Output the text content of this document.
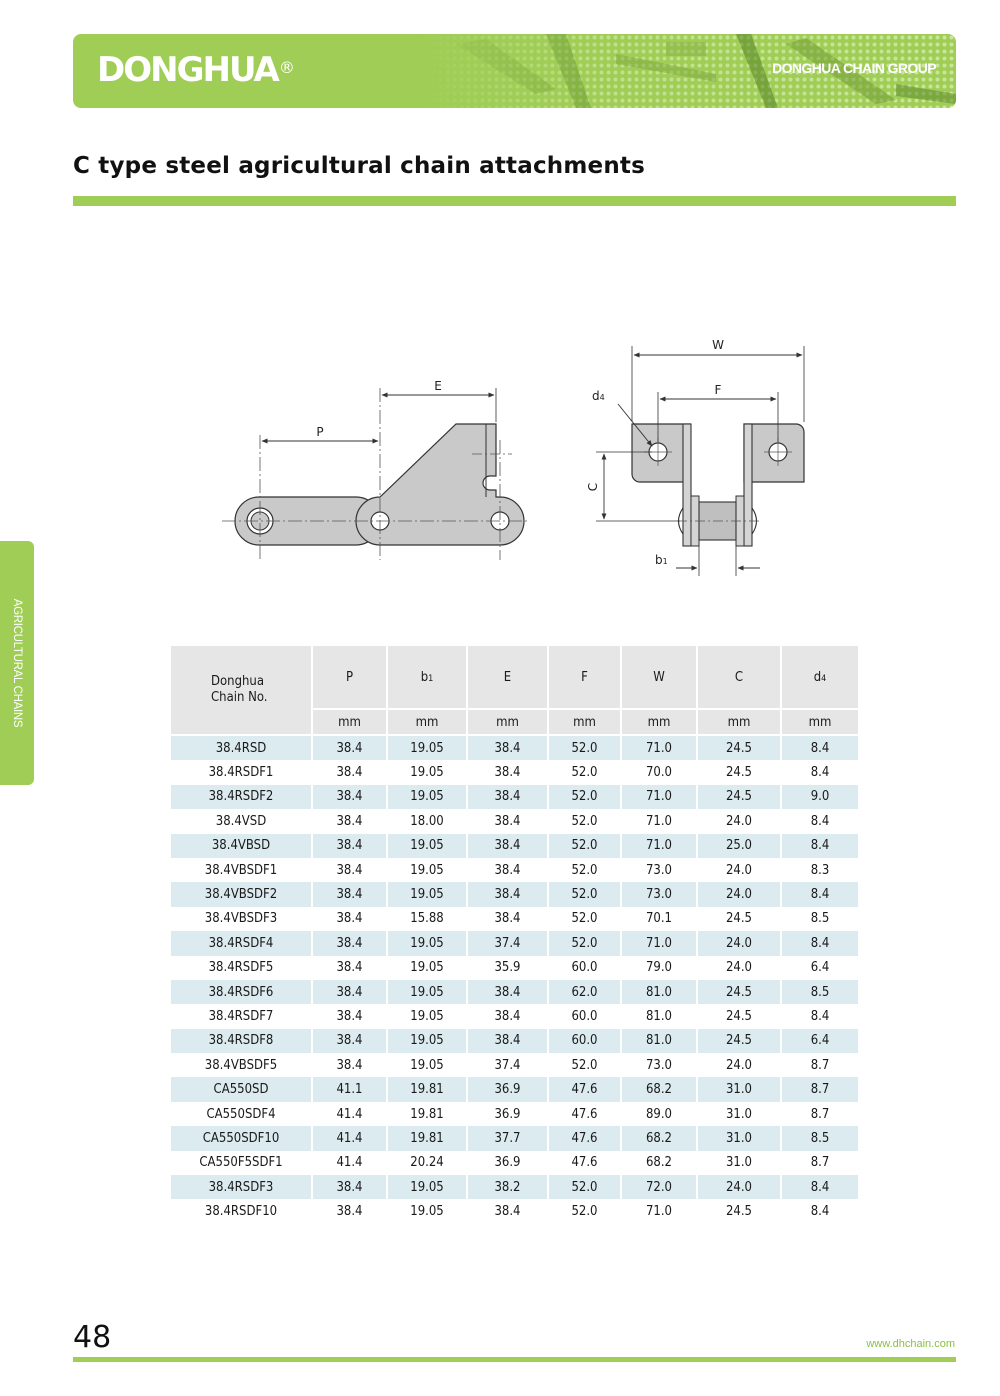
DONGHUA®	DONGHUA CHAIN GROUP
C type steel agricultural chain attachments
AGRICULTURAL CHAINS
P
E
W
F
d4
C
b1
Donghua
Chain No.	P	b1	E	F	W	C	d4
	mm	mm	mm	mm	mm	mm	mm
38.4RSD	38.4	19.05	38.4	52.0	71.0	24.5	8.4
38.4RSDF1	38.4	19.05	38.4	52.0	70.0	24.5	8.4
38.4RSDF2	38.4	19.05	38.4	52.0	71.0	24.5	9.0
38.4VSD	38.4	18.00	38.4	52.0	71.0	24.0	8.4
38.4VBSD	38.4	19.05	38.4	52.0	71.0	25.0	8.4
38.4VBSDF1	38.4	19.05	38.4	52.0	73.0	24.0	8.3
38.4VBSDF2	38.4	19.05	38.4	52.0	73.0	24.0	8.4
38.4VBSDF3	38.4	15.88	38.4	52.0	70.1	24.5	8.5
38.4RSDF4	38.4	19.05	37.4	52.0	71.0	24.0	8.4
38.4RSDF5	38.4	19.05	35.9	60.0	79.0	24.0	6.4
38.4RSDF6	38.4	19.05	38.4	62.0	81.0	24.5	8.5
38.4RSDF7	38.4	19.05	38.4	60.0	81.0	24.5	8.4
38.4RSDF8	38.4	19.05	38.4	60.0	81.0	24.5	6.4
38.4VBSDF5	38.4	19.05	37.4	52.0	73.0	24.0	8.7
CA550SD	41.1	19.81	36.9	47.6	68.2	31.0	8.7
CA550SDF4	41.4	19.81	36.9	47.6	89.0	31.0	8.7
CA550SDF10	41.4	19.81	37.7	47.6	68.2	31.0	8.5
CA550F5SDF1	41.4	20.24	36.9	47.6	68.2	31.0	8.7
38.4RSDF3	38.4	19.05	38.2	52.0	72.0	24.0	8.4
38.4RSDF10	38.4	19.05	38.4	52.0	71.0	24.5	8.4
48	www.dhchain.com
